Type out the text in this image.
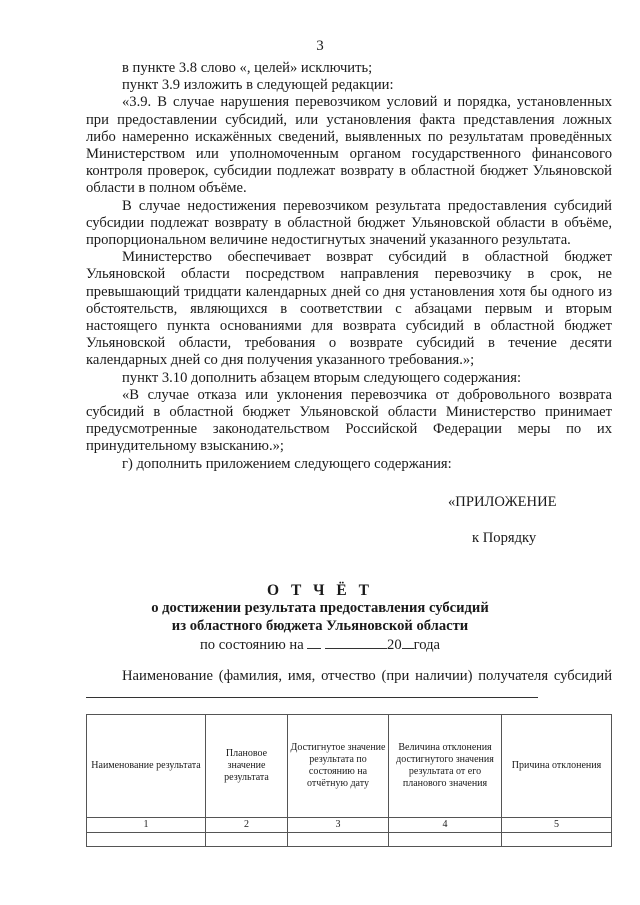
3

в пункте 3.8 слово «, целей» исключить;

пункт 3.9 изложить в следующей редакции:

«3.9. В случае нарушения перевозчиком условий и порядка, установленных при предоставлении субсидий, или установления факта представления ложных либо намеренно искажённых сведений, выявленных по результатам проведённых Министерством или уполномоченным органом государственного финансового контроля проверок, субсидии подлежат возврату в областной бюджет Ульяновской области в полном объёме.

В случае недостижения перевозчиком результата предоставления субсидий субсидии подлежат возврату в областной бюджет Ульяновской области в объёме, пропорциональном величине недостигнутых значений указанного результата.

Министерство обеспечивает возврат субсидий в областной бюджет Ульяновской области посредством направления перевозчику в срок, не превышающий тридцати календарных дней со дня установления хотя бы одного из обстоятельств, являющихся в соответствии с абзацами первым и вторым настоящего пункта основаниями для возврата субсидий в областной бюджет Ульяновской области, требования о возврате субсидий в течение десяти календарных дней со дня получения указанного требования.»;

пункт 3.10 дополнить абзацем вторым следующего содержания:

«В случае отказа или уклонения перевозчика от добровольного возврата субсидий в областной бюджет Ульяновской области Министерство принимает предусмотренные законодательством Российской Федерации меры по их принудительному взысканию.»;

г) дополнить приложением следующего содержания:

«ПРИЛОЖЕНИЕ
к Порядку
О Т Ч Ё Т
о достижении результата предоставления субсидий
из областного бюджета Ульяновской области
по состоянию на	20 года
Наименование (фамилия, имя, отчество (при наличии) получателя субсидий
Наименование результата	Плановое значение результата	Достигнутое значение результата по состоянию на отчётную дату	Величина отклонения достигнутого значения результата от его планового значения	Причина отклонения
1	2	3	4	5
